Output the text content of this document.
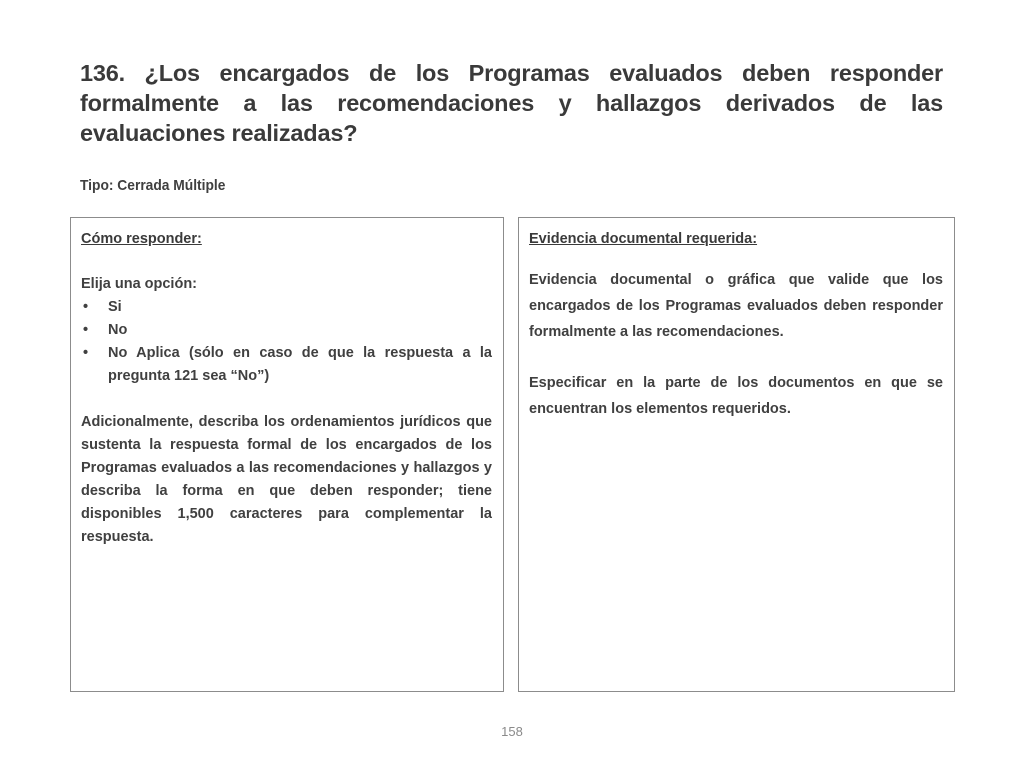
136. ¿Los encargados de los Programas evaluados deben responder formalmente a las recomendaciones y hallazgos derivados de las evaluaciones realizadas?

Tipo: Cerrada Múltiple

Cómo responder:

Elija una opción:

• Si
• No
• No Aplica (sólo en caso de que la respuesta a la pregunta 121 sea “No”)

Adicionalmente, describa los ordenamientos jurídicos que sustenta la respuesta formal de los encargados de los Programas evaluados a las recomendaciones y hallazgos y describa la forma en que deben responder; tiene disponibles 1,500 caracteres para complementar la respuesta.

Evidencia documental requerida:

Evidencia documental o gráfica que valide que los encargados de los Programas evaluados deben responder formalmente a las recomendaciones.

Especificar en la parte de los documentos en que se encuentran los elementos requeridos.

158
